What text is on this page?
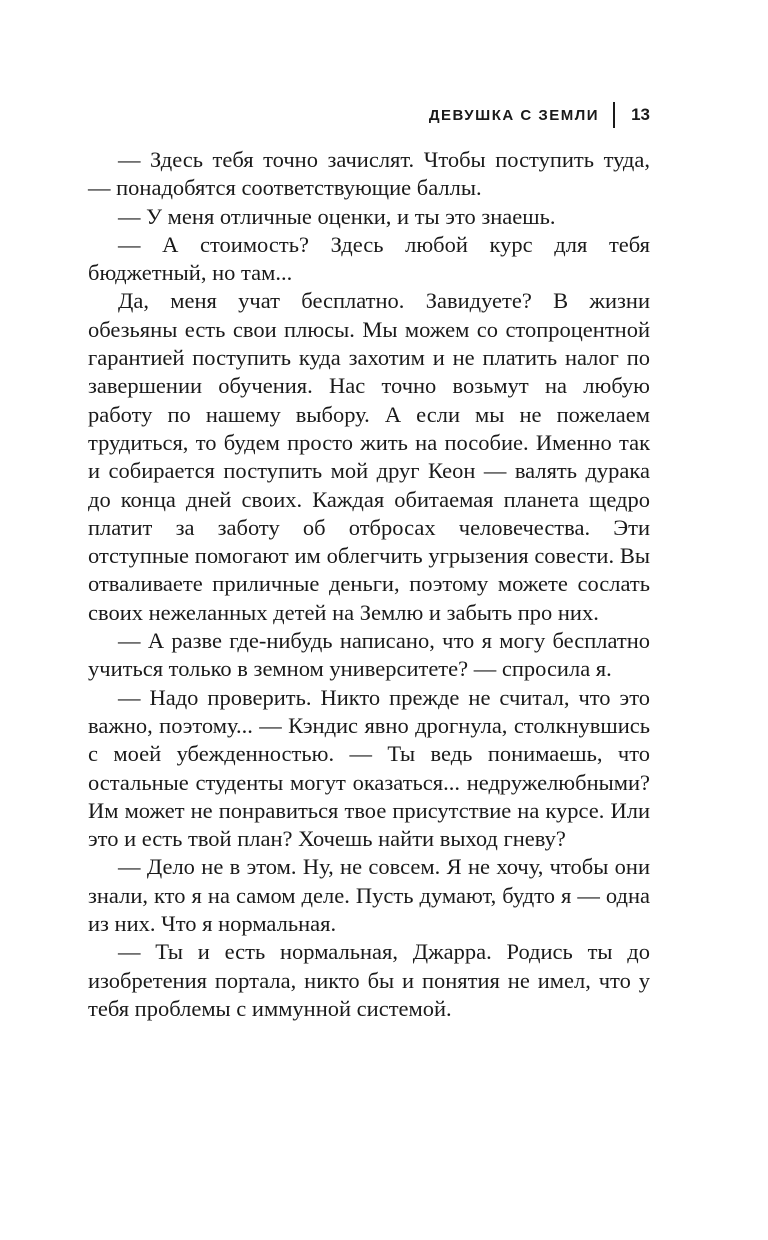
ДЕВУШКА С ЗЕМЛИ 13

— Здесь тебя точно зачислят. Чтобы поступить туда, — понадобятся соответствующие баллы.

— У меня отличные оценки, и ты это знаешь.

— А стоимость? Здесь любой курс для тебя бюджетный, но там...

Да, меня учат бесплатно. Завидуете? В жизни обезьяны есть свои плюсы. Мы можем со стопроцентной гарантией поступить куда захотим и не платить налог по завершении обучения. Нас точно возьмут на любую работу по нашему выбору. А если мы не пожелаем трудиться, то будем просто жить на пособие. Именно так и собирается поступить мой друг Кеон — валять дурака до конца дней своих. Каждая обитаемая планета щедро платит за заботу об отбросах человечества. Эти отступные помогают им облегчить угрызения совести. Вы отваливаете приличные деньги, поэтому можете сослать своих нежеланных детей на Землю и забыть про них.

— А разве где-нибудь написано, что я могу бесплатно учиться только в земном университете? — спросила я.

— Надо проверить. Никто прежде не считал, что это важно, поэтому... — Кэндис явно дрогнула, столкнувшись с моей убежденностью. — Ты ведь понимаешь, что остальные студенты могут оказаться... недружелюбными? Им может не понравиться твое присутствие на курсе. Или это и есть твой план? Хочешь найти выход гневу?

— Дело не в этом. Ну, не совсем. Я не хочу, чтобы они знали, кто я на самом деле. Пусть думают, будто я — одна из них. Что я нормальная.

— Ты и есть нормальная, Джарра. Родись ты до изобретения портала, никто бы и понятия не имел, что у тебя проблемы с иммунной системой.
